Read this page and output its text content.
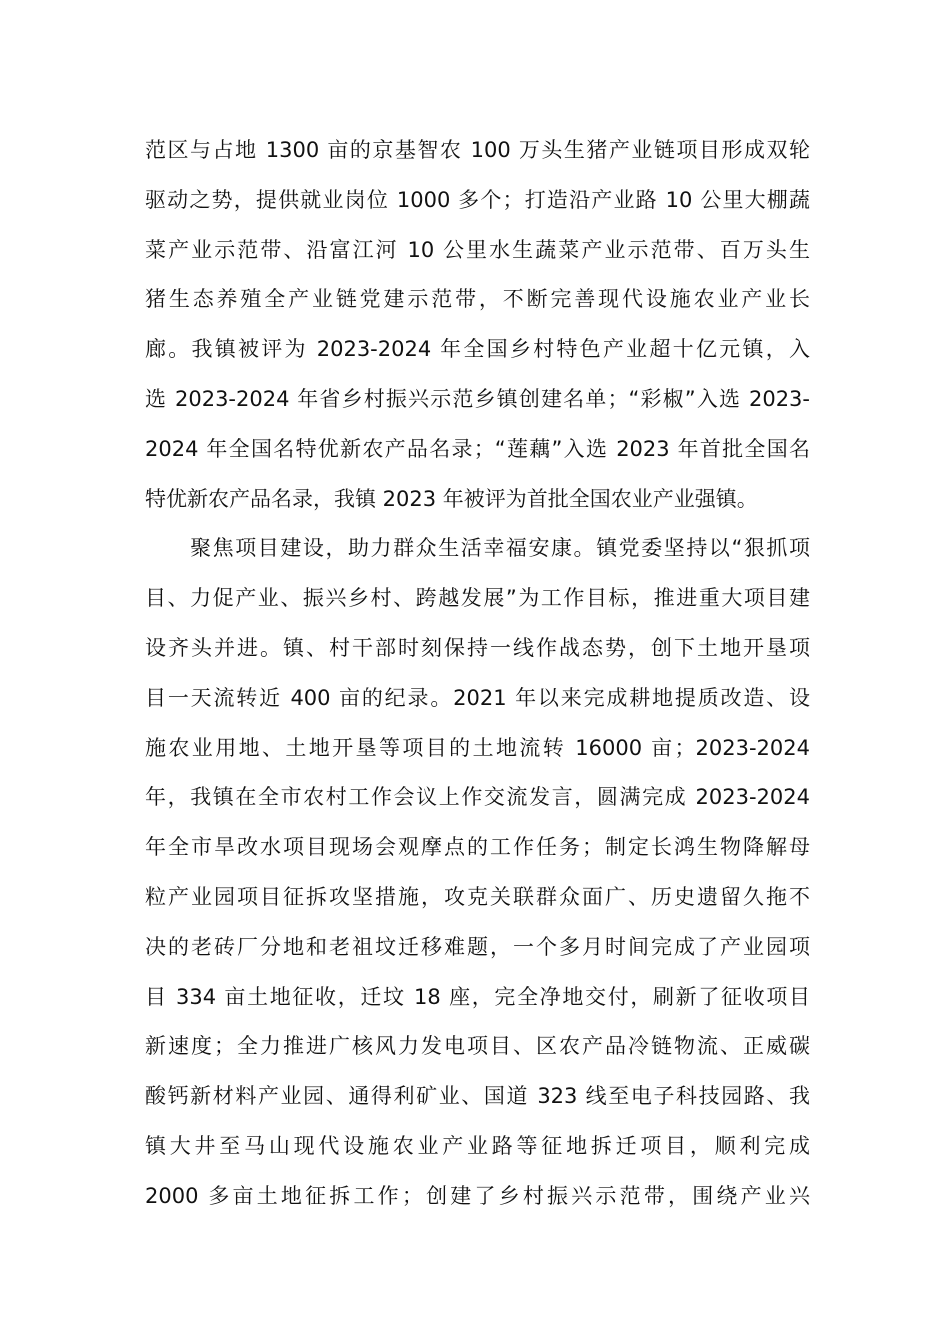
范区与占地 1300 亩的京基智农 100 万头生猪产业链项目形成双轮
驱动之势，提供就业岗位 1000 多个；打造沿产业路 10 公里大棚蔬
菜产业示范带、沿富江河 10 公里水生蔬菜产业示范带、百万头生
猪生态养殖全产业链党建示范带，不断完善现代设施农业产业长
廊。我镇被评为 2023-2024 年全国乡村特色产业超十亿元镇，入
选 2023-2024 年省乡村振兴示范乡镇创建名单；“彩椒”入选 2023-
2024 年全国名特优新农产品名录；“莲藕”入选 2023 年首批全国名
特优新农产品名录，我镇 2023 年被评为首批全国农业产业强镇。
　　聚焦项目建设，助力群众生活幸福安康。镇党委坚持以“狠抓项
目、力促产业、振兴乡村、跨越发展”为工作目标，推进重大项目建
设齐头并进。镇、村干部时刻保持一线作战态势，创下土地开垦项
目一天流转近 400 亩的纪录。2021 年以来完成耕地提质改造、设
施农业用地、土地开垦等项目的土地流转 16000 亩；2023-2024
年，我镇在全市农村工作会议上作交流发言，圆满完成 2023-2024
年全市旱改水项目现场会观摩点的工作任务；制定长鸿生物降解母
粒产业园项目征拆攻坚措施，攻克关联群众面广、历史遗留久拖不
决的老砖厂分地和老祖坟迁移难题，一个多月时间完成了产业园项
目 334 亩土地征收，迁坟 18 座，完全净地交付，刷新了征收项目
新速度；全力推进广核风力发电项目、区农产品冷链物流、正威碳
酸钙新材料产业园、通得利矿业、国道 323 线至电子科技园路、我
镇大井至马山现代设施农业产业路等征地拆迁项目，顺利完成
2000 多亩土地征拆工作；创建了乡村振兴示范带，围绕产业兴
